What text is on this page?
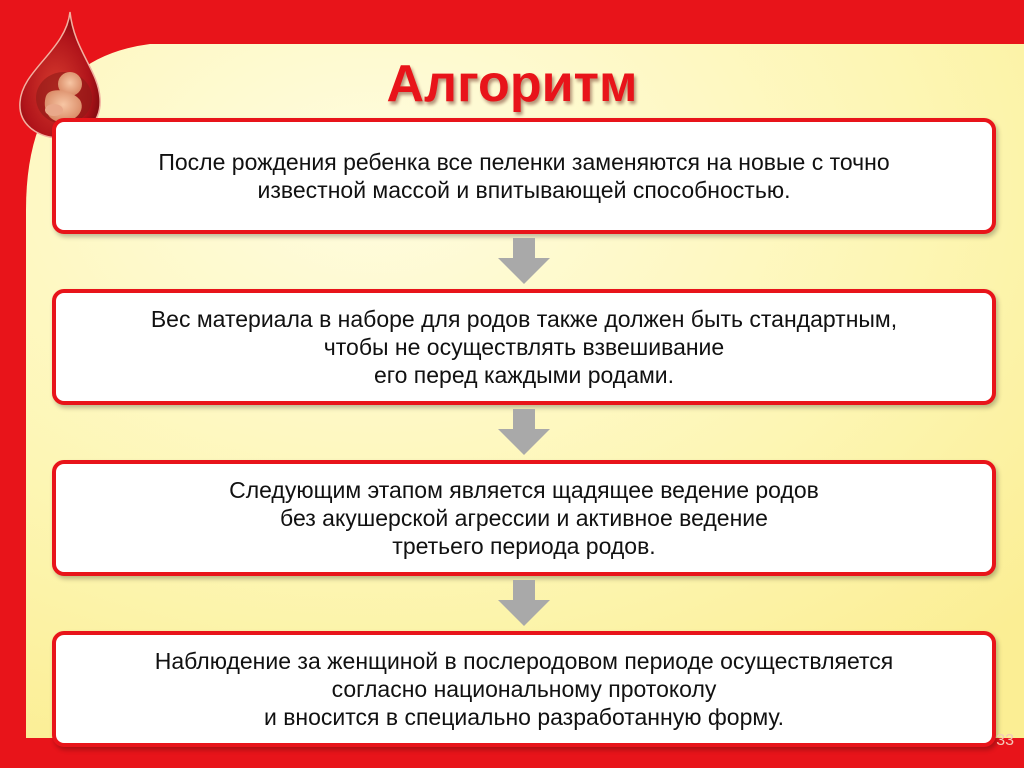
Алгоритм

После рождения ребенка все пеленки заменяются на новые с точно
известной массой и впитывающей способностью.

Вес материала в наборе для родов также должен быть стандартным,
чтобы не осуществлять взвешивание
его перед каждыми родами.

Следующим этапом является щадящее ведение родов
без акушерской агрессии и активное ведение
третьего периода родов.

Наблюдение за женщиной в послеродовом периоде осуществляется
согласно национальному протоколу
и вносится в специально разработанную форму.

33
